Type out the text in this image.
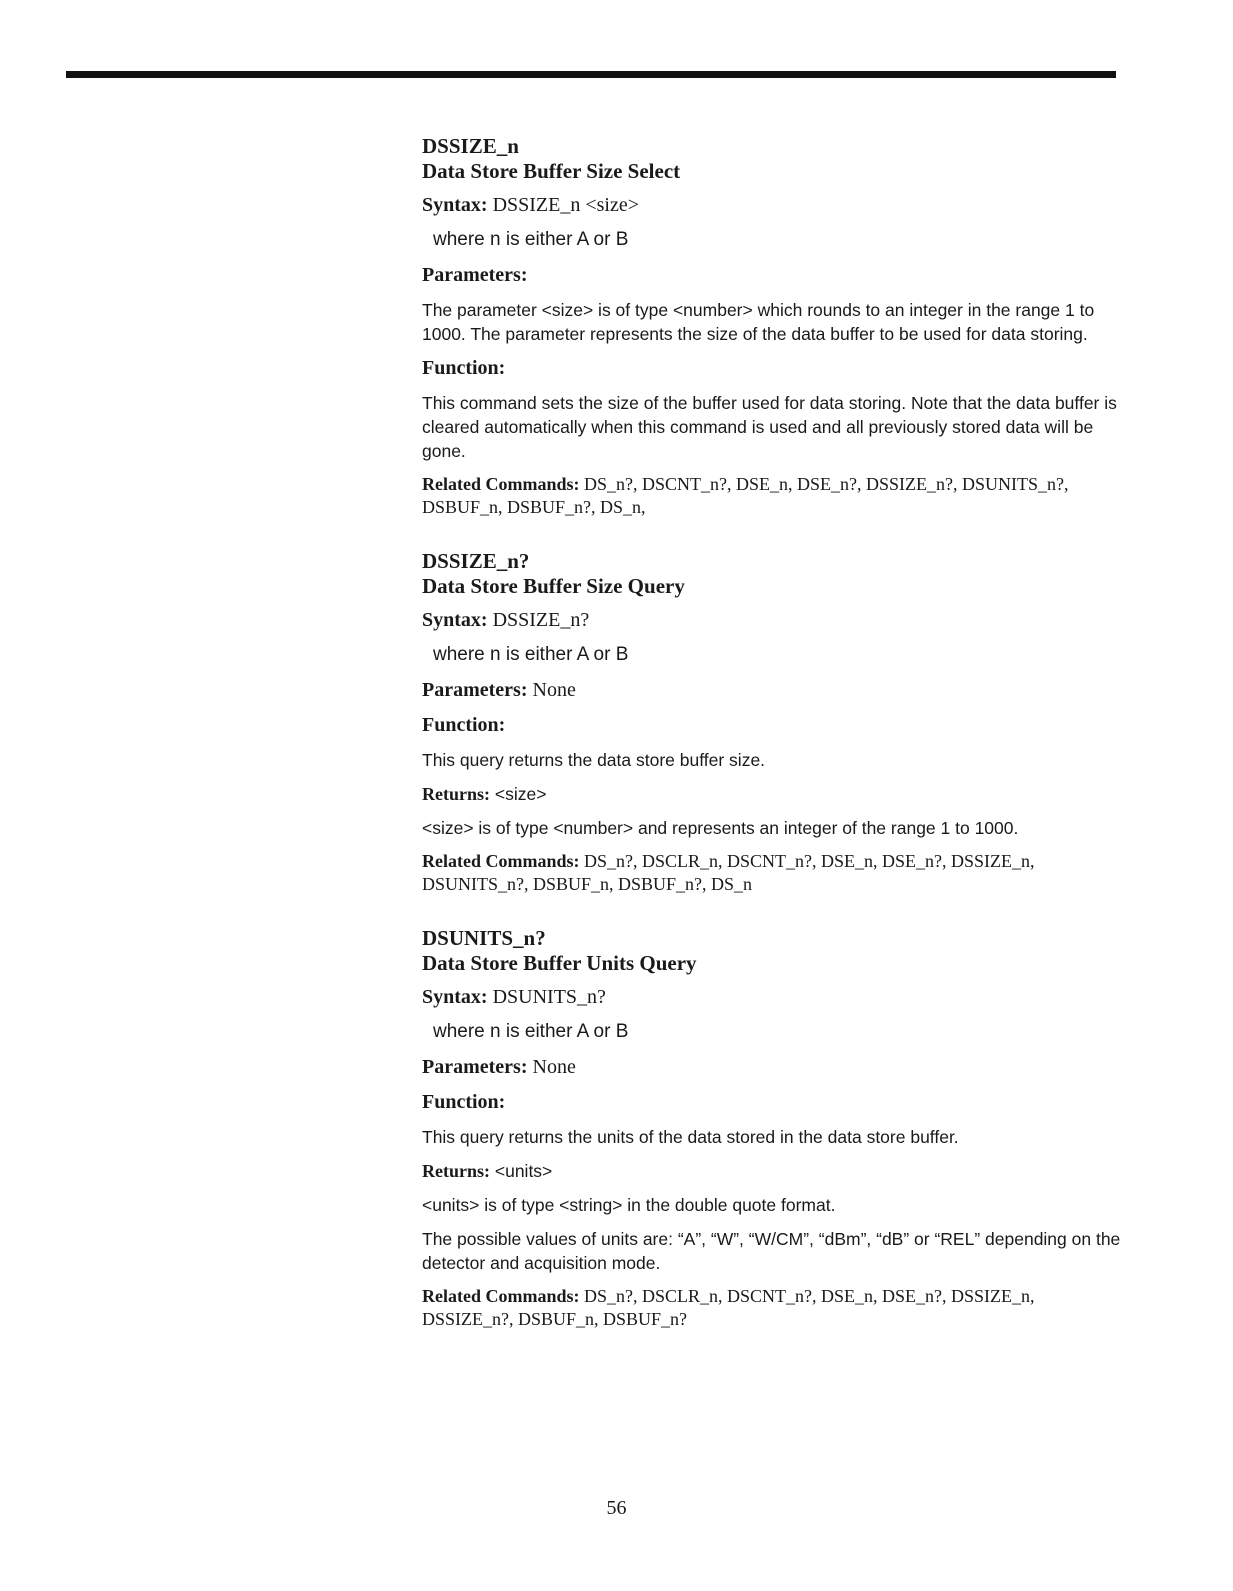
DSSIZE_n

Data Store Buffer Size Select

Syntax: DSSIZE_n <size>

where n is either A or B

Parameters:

The parameter <size> is of type <number> which rounds to an integer in the range 1 to 1000. The parameter represents the size of the data buffer to be used for data storing.

Function:

This command sets the size of the buffer used for data storing. Note that the data buffer is cleared automatically when this command is used and all previously stored data will be gone.

Related Commands: DS_n?, DSCNT_n?, DSE_n, DSE_n?, DSSIZE_n?, DSUNITS_n?, DSBUF_n, DSBUF_n?, DS_n,

DSSIZE_n?

Data Store Buffer Size Query

Syntax: DSSIZE_n?

where n is either A or B

Parameters: None

Function:

This query returns the data store buffer size.

Returns: <size>

<size> is of type <number> and represents an integer of the range 1 to 1000.

Related Commands: DS_n?, DSCLR_n, DSCNT_n?, DSE_n, DSE_n?, DSSIZE_n, DSUNITS_n?, DSBUF_n, DSBUF_n?, DS_n

DSUNITS_n?

Data Store Buffer Units Query

Syntax: DSUNITS_n?

where n is either A or B

Parameters: None

Function:

This query returns the units of the data stored in the data store buffer.

Returns: <units>

<units> is of type <string> in the double quote format.

The possible values of units are: “A”, “W”, “W/CM”, “dBm”, “dB” or “REL” depending on the detector and acquisition mode.

Related Commands: DS_n?, DSCLR_n, DSCNT_n?, DSE_n, DSE_n?, DSSIZE_n, DSSIZE_n?, DSBUF_n, DSBUF_n?

56
